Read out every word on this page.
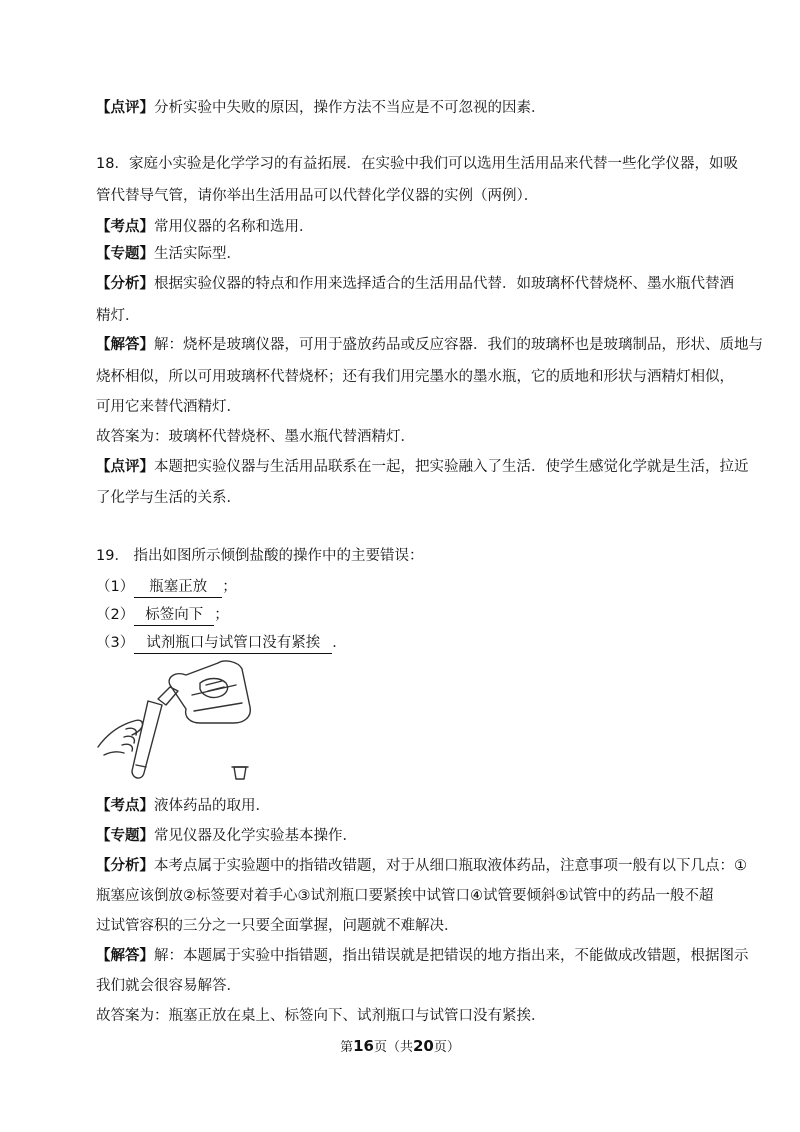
【点评】分析实验中失败的原因，操作方法不当应是不可忽视的因素．
18．家庭小实验是化学学习的有益拓展．在实验中我们可以选用生活用品来代替一些化学仪器，如吸
管代替导气管，请你举出生活用品可以代替化学仪器的实例（两例）．
【考点】常用仪器的名称和选用．
【专题】生活实际型．
【分析】根据实验仪器的特点和作用来选择适合的生活用品代替．如玻璃杯代替烧杯、墨水瓶代替酒
精灯．
【解答】解：烧杯是玻璃仪器，可用于盛放药品或反应容器．我们的玻璃杯也是玻璃制品，形状、质地与
烧杯相似，所以可用玻璃杯代替烧杯；还有我们用完墨水的墨水瓶，它的质地和形状与酒精灯相似，
可用它来替代酒精灯．
故答案为：玻璃杯代替烧杯、墨水瓶代替酒精灯．
【点评】本题把实验仪器与生活用品联系在一起，把实验融入了生活．使学生感觉化学就是生活，拉近
了化学与生活的关系．
19． 指出如图所示倾倒盐酸的操作中的主要错误：
（1） 瓶塞正放 ；
（2） 标签向下 ；
（3） 试剂瓶口与试管口没有紧挨 ．
【考点】液体药品的取用．
【专题】常见仪器及化学实验基本操作．
【分析】本考点属于实验题中的指错改错题，对于从细口瓶取液体药品，注意事项一般有以下几点：①
瓶塞应该倒放②标签要对着手心③试剂瓶口要紧挨中试管口④试管要倾斜⑤试管中的药品一般不超
过试管容积的三分之一只要全面掌握，问题就不难解决．
【解答】解：本题属于实验中指错题，指出错误就是把错误的地方指出来，不能做成改错题，根据图示
我们就会很容易解答．
故答案为：瓶塞正放在桌上、标签向下、试剂瓶口与试管口没有紧挨．
第16页（共20页）
